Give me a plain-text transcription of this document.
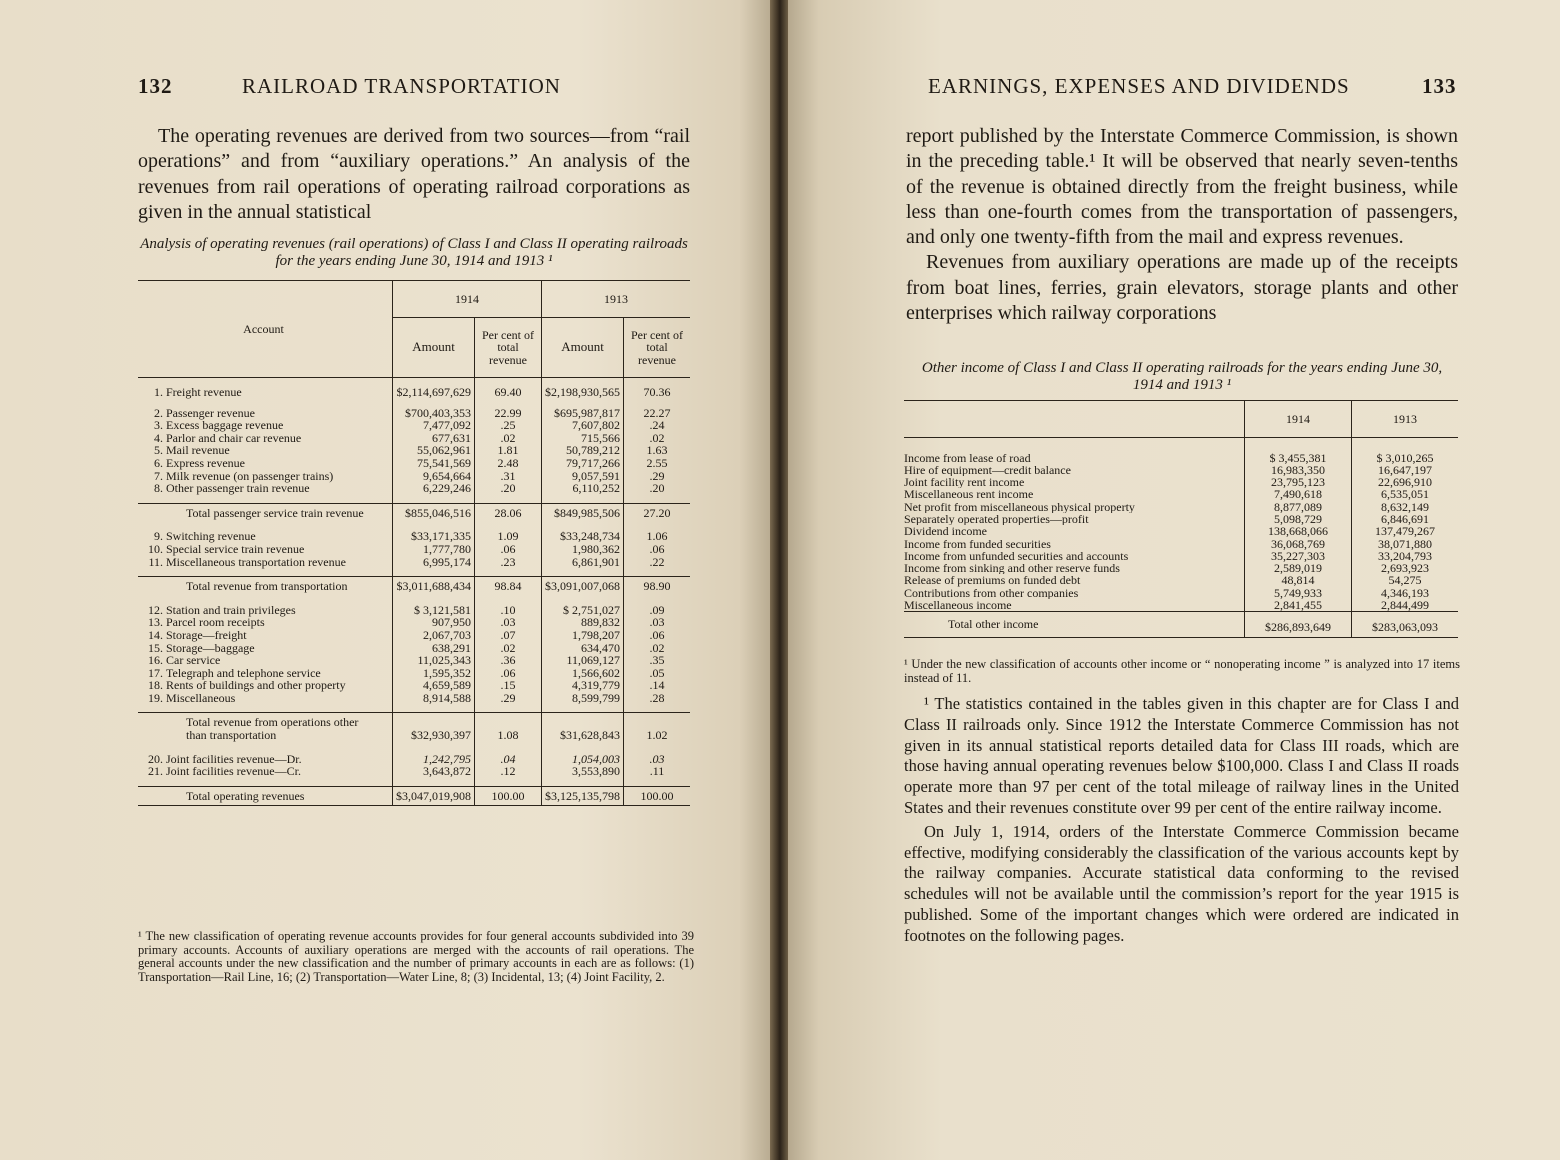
132	RAILROAD TRANSPORTATION

The operating revenues are derived from two sources—from “rail operations” and from “auxiliary operations.” An analysis of the revenues from rail operations of operating railroad corporations as given in the annual statistical

Analysis of operating revenues (rail operations) of Class I and Class II operating railroads for the years ending June 30, 1914 and 1913 ¹
Account		1914		1913	
		Amount	Per cent of total revenue	Amount	Per cent of total revenue

1.	Freight revenue	$2,114,697,629	69.40	$2,198,930,565	70.36

2.	Passenger revenue	$700,403,353	22.99	$695,987,817	22.27
3.	Excess baggage revenue	7,477,092	.25	7,607,802	.24
4.	Parlor and chair car revenue	677,631	.02	715,566	.02
5.	Mail revenue	55,062,961	1.81	50,789,212	1.63
6.	Express revenue	75,541,569	2.48	79,717,266	2.55
7.	Milk revenue (on passenger trains)	9,654,664	.31	9,057,591	.29
8.	Other passenger train revenue	6,229,246	.20	6,110,252	.20

	Total passenger service train revenue	$855,046,516	28.06	$849,985,506	27.20

9.	Switching revenue	$33,171,335	1.09	$33,248,734	1.06
10.	Special service train revenue	1,777,780	.06	1,980,362	.06
11.	Miscellaneous transportation revenue	6,995,174	.23	6,861,901	.22

	Total revenue from transportation	$3,011,688,434	98.84	$3,091,007,068	98.90

12.	Station and train privileges	$ 3,121,581	.10	$ 2,751,027	.09
13.	Parcel room receipts	907,950	.03	889,832	.03
14.	Storage—freight	2,067,703	.07	1,798,207	.06
15.	Storage—baggage	638,291	.02	634,470	.02
16.	Car service	11,025,343	.36	11,069,127	.35
17.	Telegraph and telephone service	1,595,352	.06	1,566,602	.05
18.	Rents of buildings and other property	4,659,589	.15	4,319,779	.14
19.	Miscellaneous	8,914,588	.29	8,599,799	.28

	Total revenue from operations other than transportation	$32,930,397	1.08	$31,628,843	1.02

20.	Joint facilities revenue—Dr.	1,242,795	.04	1,054,003	.03
21.	Joint facilities revenue—Cr.	3,643,872	.12	3,553,890	.11

	Total operating revenues	$3,047,019,908	100.00	$3,125,135,798	100.00
¹ The new classification of operating revenue accounts provides for four general accounts subdivided into 39 primary accounts. Accounts of auxiliary operations are merged with the accounts of rail operations. The general accounts under the new classification and the number of primary accounts in each are as follows: (1) Transportation—Rail Line, 16; (2) Transportation—Water Line, 8; (3) Incidental, 13; (4) Joint Facility, 2.
EARNINGS, EXPENSES AND DIVIDENDS	133

report published by the Interstate Commerce Commission, is shown in the preceding table.¹ It will be observed that nearly seven-tenths of the revenue is obtained directly from the freight business, while less than one-fourth comes from the transportation of passengers, and only one twenty-fifth from the mail and express revenues.

Revenues from auxiliary operations are made up of the receipts from boat lines, ferries, grain elevators, storage plants and other enterprises which railway corporations

Other income of Class I and Class II operating railroads for the years ending June 30, 1914 and 1913 ¹
	1914	1913

Income from lease of road	$ 3,455,381	$ 3,010,265
Hire of equipment—credit balance	16,983,350	16,647,197
Joint facility rent income	23,795,123	22,696,910
Miscellaneous rent income	7,490,618	6,535,051
Net profit from miscellaneous physical property	8,877,089	8,632,149
Separately operated properties—profit	5,098,729	6,846,691
Dividend income	138,668,066	137,479,267
Income from funded securities	36,068,769	38,071,880
Income from unfunded securities and accounts	35,227,303	33,204,793
Income from sinking and other reserve funds	2,589,019	2,693,923
Release of premiums on funded debt	48,814	54,275
Contributions from other companies	5,749,933	4,346,193
Miscellaneous income	2,841,455	2,844,499
Total other income	$286,893,649	$283,063,093
¹ Under the new classification of accounts other income or “ nonoperating income ” is analyzed into 17 items instead of 11.
¹ The statistics contained in the tables given in this chapter are for Class I and Class II railroads only. Since 1912 the Interstate Commerce Commission has not given in its annual statistical reports detailed data for Class III roads, which are those having annual operating revenues below $100,000. Class I and Class II roads operate more than 97 per cent of the total mileage of railway lines in the United States and their revenues constitute over 99 per cent of the entire railway income.

On July 1, 1914, orders of the Interstate Commerce Commission became effective, modifying considerably the classification of the various accounts kept by the railway companies. Accurate statistical data conforming to the revised schedules will not be available until the commission’s report for the year 1915 is published. Some of the important changes which were ordered are indicated in footnotes on the following pages.
